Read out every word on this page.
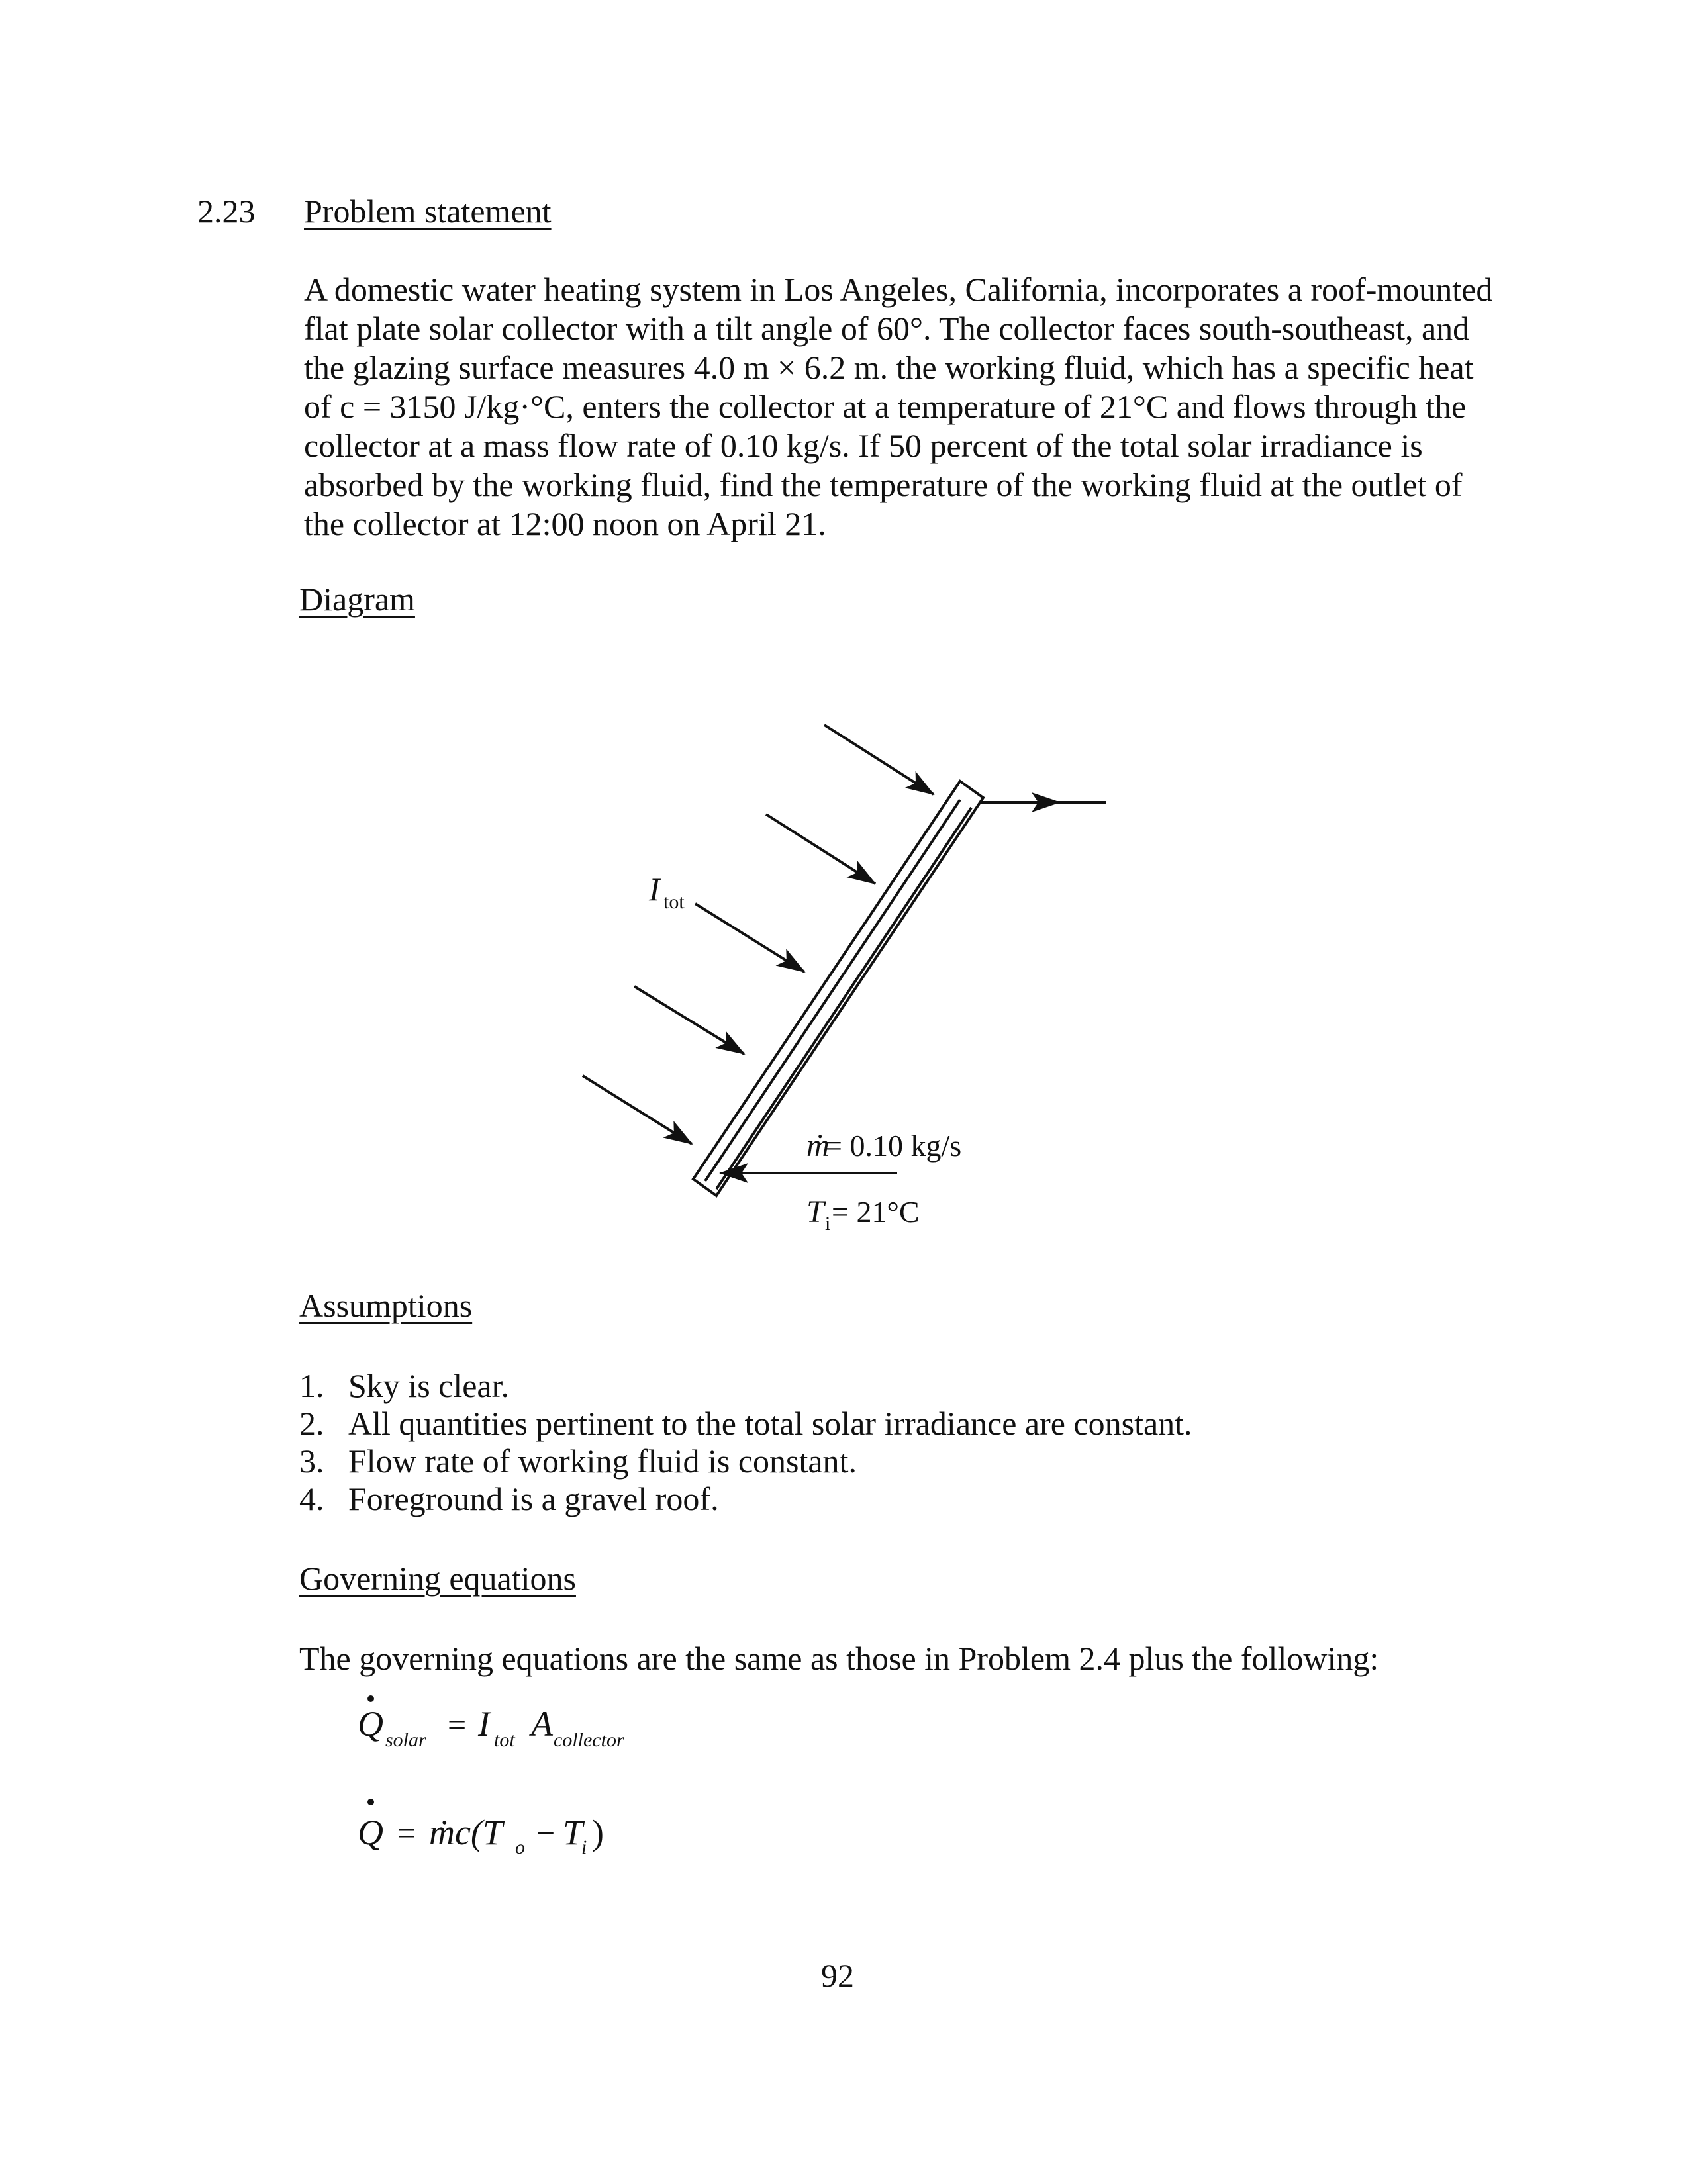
2.23 Problem statement
A domestic water heating system in Los Angeles, California, incorporates a roof-mounted
flat plate solar collector with a tilt angle of 60°. The collector faces south-southeast, and
the glazing surface measures 4.0 m × 6.2 m. the working fluid, which has a specific heat
of c = 3150 J/kg·°C, enters the collector at a temperature of 21°C and flows through the
collector at a mass flow rate of 0.10 kg/s. If 50 percent of the total solar irradiance is
absorbed by the working fluid, find the temperature of the working fluid at the outlet of
the collector at 12:00 noon on April 21.
Diagram
I tot
ṁ
= 0.10 kg/s
T i = 21°C
Q solar = I tot A collector
Q = ṁc(T o − T
i )
Assumptions
1. Sky is clear.
2. All quantities pertinent to the total solar irradiance are constant.
3. Flow rate of working fluid is constant.
4. Foreground is a gravel roof.
Governing equations
The governing equations are the same as those in Problem 2.4 plus the following:
92
